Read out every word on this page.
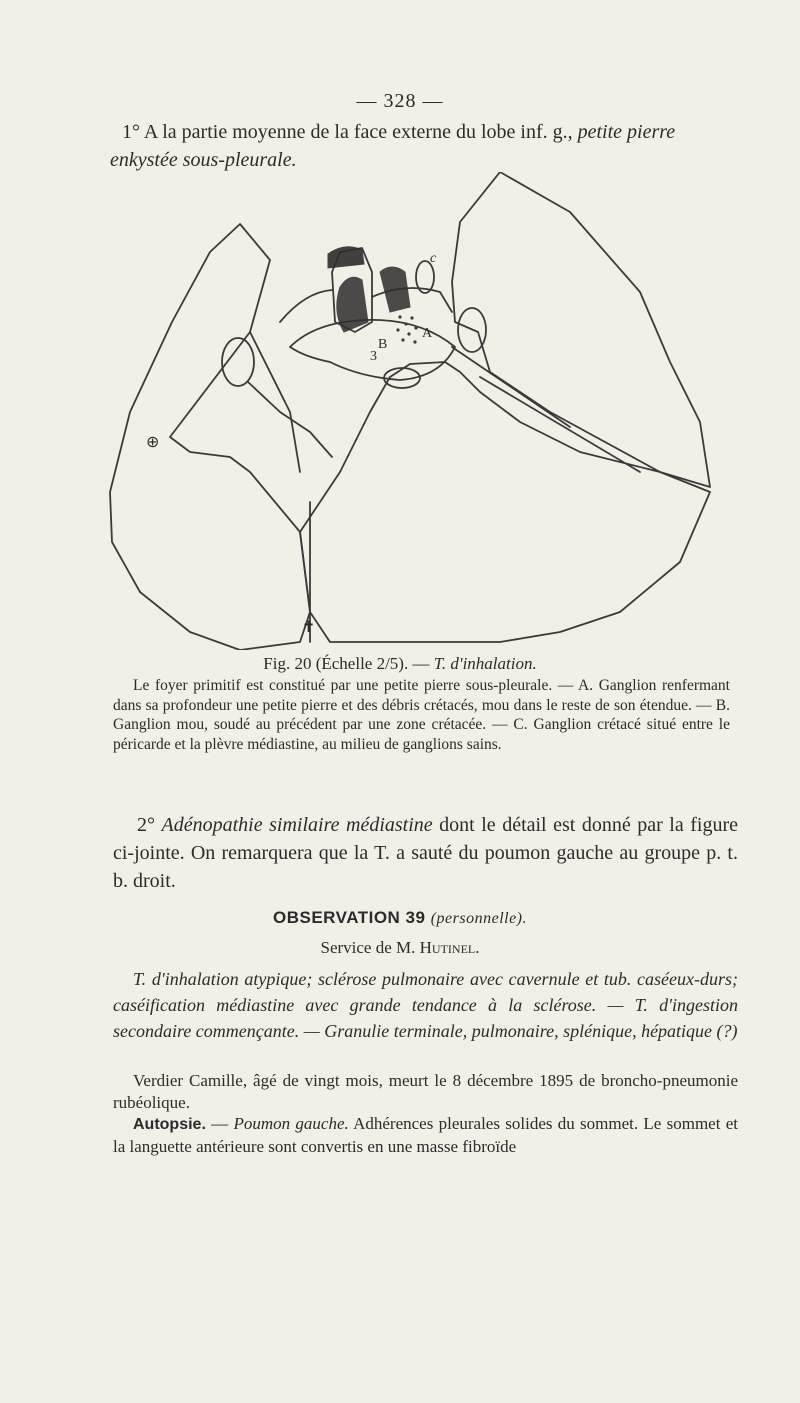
— 328 —
1° A la partie moyenne de la face externe du lobe inf. g., petite pierre enkystée sous-pleurale.
c
A
B
3
⊕
✝
Fig. 20 (Échelle 2/5). — T. d'inhalation.
Le foyer primitif est constitué par une petite pierre sous-pleurale. — A. Ganglion renfermant dans sa profondeur une petite pierre et des débris crétacés, mou dans le reste de son étendue. — B. Ganglion mou, soudé au précédent par une zone crétacée. — C. Ganglion crétacé situé entre le péricarde et la plèvre médiastine, au milieu de ganglions sains.
2° Adénopathie similaire médiastine dont le détail est donné par la figure ci-jointe. On remarquera que la T. a sauté du poumon gauche au groupe p. t. b. droit.
OBSERVATION 39 (personnelle).
Service de M. Hutinel.
T. d'inhalation atypique; sclérose pulmonaire avec cavernule et tub. caséeux-durs; caséification médiastine avec grande tendance à la sclérose. — T. d'ingestion secondaire commençante. — Granulie terminale, pulmonaire, splénique, hépatique (?)
Verdier Camille, âgé de vingt mois, meurt le 8 décembre 1895 de broncho-pneumonie rubéolique.
Autopsie. — Poumon gauche. Adhérences pleurales solides du sommet. Le sommet et la languette antérieure sont convertis en une masse fibroïde
